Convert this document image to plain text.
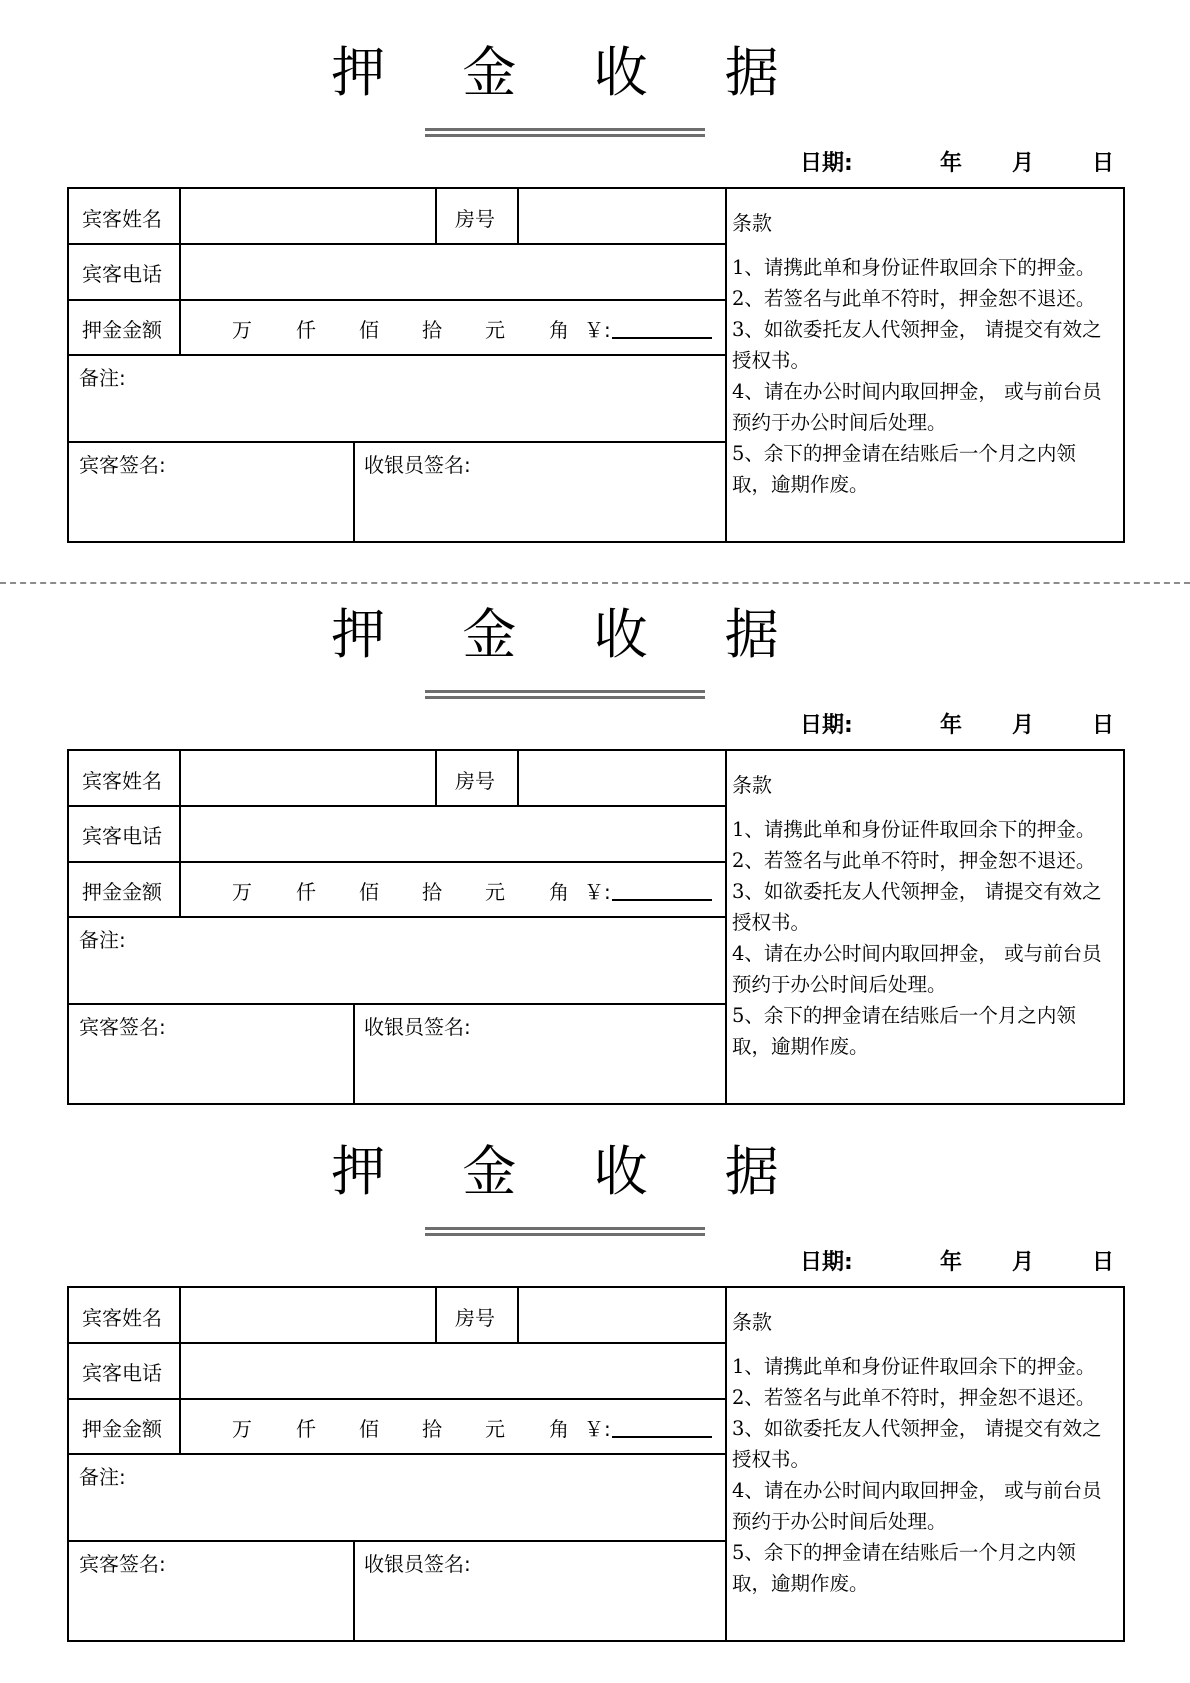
押 金 收 据
日期:	年 月	日
宾客姓名	房号
宾客电话
押金金额	万 仟 佰 拾 元 角 ￥:
备注:
宾客签名:	收银员签名:
条款
1、请携此单和身份证件取回余下的押金。
2、若签名与此单不符时，押金恕不退还。
3、如欲委托友人代领押金， 请提交有效之授权书。
4、请在办公时间内取回押金， 或与前台员预约于办公时间后处理。
5、余下的押金请在结账后一个月之内领取，逾期作废。
押 金 收 据
日期:	年 月	日
宾客姓名	房号
宾客电话
押金金额	万 仟 佰 拾 元 角 ￥:
备注:
宾客签名:	收银员签名:
条款
1、请携此单和身份证件取回余下的押金。
2、若签名与此单不符时，押金恕不退还。
3、如欲委托友人代领押金， 请提交有效之授权书。
4、请在办公时间内取回押金， 或与前台员预约于办公时间后处理。
5、余下的押金请在结账后一个月之内领取，逾期作废。
押 金 收 据
日期:	年 月	日
宾客姓名	房号
宾客电话
押金金额	万 仟 佰 拾 元 角 ￥:
备注:
宾客签名:	收银员签名:
条款
1、请携此单和身份证件取回余下的押金。
2、若签名与此单不符时，押金恕不退还。
3、如欲委托友人代领押金， 请提交有效之授权书。
4、请在办公时间内取回押金， 或与前台员预约于办公时间后处理。
5、余下的押金请在结账后一个月之内领取，逾期作废。
